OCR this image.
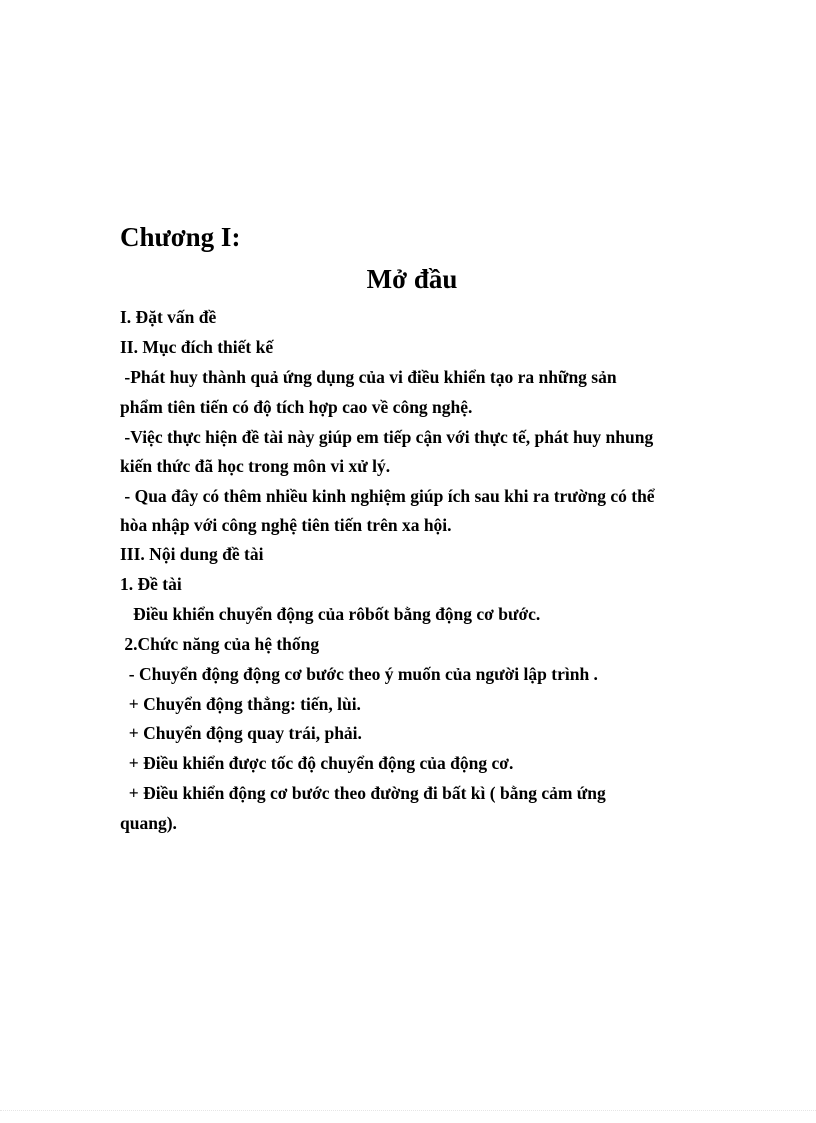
Chương I:
Mở đầu
I. Đặt vấn đề
II. Mục đích thiết kế
-Phát huy thành quả ứng dụng của vi điều khiển tạo ra những sản
phẩm tiên tiến có độ tích hợp cao về công nghệ.
-Việc thực hiện đề tài này giúp em tiếp cận với thực tế, phát huy nhung
kiến thức đã học trong môn vi xử lý.
- Qua đây có thêm nhiều kinh nghiệm giúp ích sau khi ra trường có thể
hòa nhập với công nghệ tiên tiến trên xa hội.
III. Nội dung đề tài
1. Đề tài
Điều khiển chuyển động của rôbốt bằng động cơ bước.
2.Chức năng của hệ thống
- Chuyển động động cơ bước theo ý muốn của người lập trình .
+ Chuyển động thẳng: tiến, lùi.
+ Chuyển động quay trái, phải.
+ Điều khiển được tốc độ chuyển động của động cơ.
+ Điều khiển động cơ bước theo đường đi bất kì ( bằng cảm ứng
quang).
